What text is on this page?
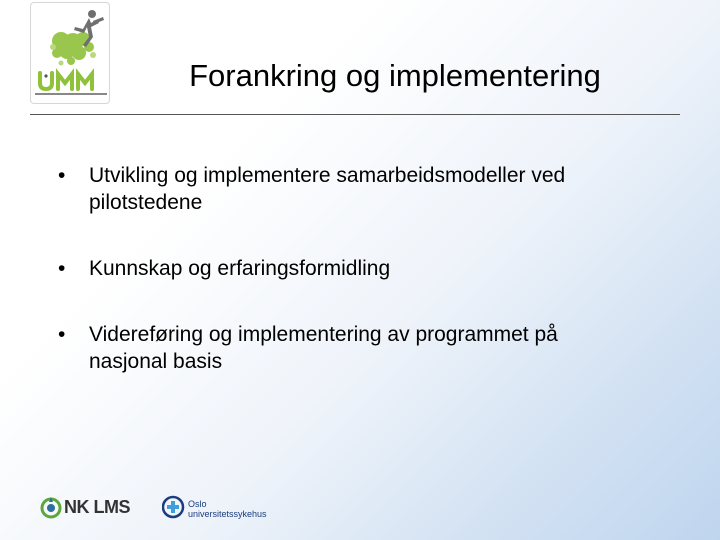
Forankring og implementering
• Utvikling og implementere samarbeidsmodeller ved
pilotstedene
• Kunnskap og erfaringsformidling
• Videreføring og implementering av programmet på
nasjonal basis
NK LMS	Oslo
universitetssykehus
